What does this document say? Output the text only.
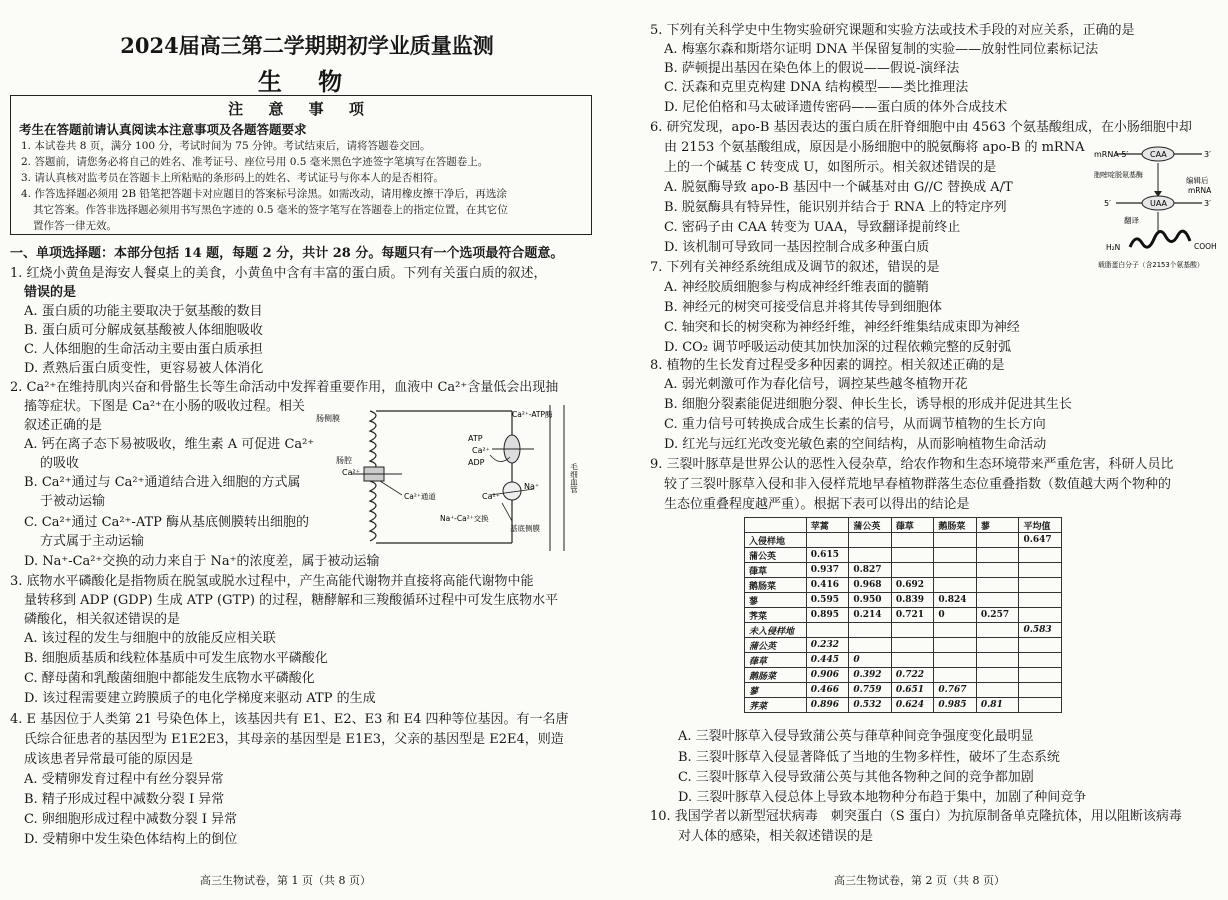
2024届高三第二学期期初学业质量监测
生 物
注 意 事 项
考生在答题前请认真阅读本注意事项及各题答题要求
1. 本试卷共 8 页，满分 100 分，考试时间为 75 分钟。考试结束后，请将答题卷交回。
2. 答题前，请您务必将自己的姓名、准考证号、座位号用 0.5 毫米黑色字迹签字笔填写在答题卷上。
3. 请认真核对监考员在答题卡上所粘贴的条形码上的姓名、考试证号与你本人的是否相符。
4. 作答选择题必须用 2B 铅笔把答题卡对应题目的答案标号涂黑。如需改动，请用橡皮擦干净后，再选涂
其它答案。作答非选择题必须用书写黑色字迹的 0.5 毫米的签字笔写在答题卷上的指定位置，在其它位
置作答一律无效。
一、单项选择题：本部分包括 14 题，每题 2 分，共计 28 分。每题只有一个选项最符合题意。
1. 红烧小黄鱼是海安人餐桌上的美食，小黄鱼中含有丰富的蛋白质。下列有关蛋白质的叙述，
错误的是
A. 蛋白质的功能主要取决于氨基酸的数目
B. 蛋白质可分解成氨基酸被人体细胞吸收
C. 人体细胞的生命活动主要由蛋白质承担
D. 煮熟后蛋白质变性，更容易被人体消化
2. Ca²⁺在维持肌肉兴奋和骨骼生长等生命活动中发挥着重要作用，血液中 Ca²⁺含量低会出现抽
搐等症状。下图是 Ca²⁺在小肠的吸收过程。相关
叙述正确的是
A. 钙在离子态下易被吸收，维生素 A 可促进 Ca²⁺
的吸收
B. Ca²⁺通过与 Ca²⁺通道结合进入细胞的方式属
于被动运输
C. Ca²⁺通过 Ca²⁺-ATP 酶从基底侧膜转出细胞的
方式属于主动运输
D. Na⁺-Ca²⁺交换的动力来自于 Na⁺的浓度差，属于被动运输
3. 底物水平磷酸化是指物质在脱氢或脱水过程中，产生高能代谢物并直接将高能代谢物中能
量转移到 ADP (GDP) 生成 ATP (GTP) 的过程，糖酵解和三羧酸循环过程中可发生底物水平
磷酸化，相关叙述错误的是
A. 该过程的发生与细胞中的放能反应相关联
B. 细胞质基质和线粒体基质中可发生底物水平磷酸化
C. 酵母菌和乳酸菌细胞中都能发生底物水平磷酸化
D. 该过程需要建立跨膜质子的电化学梯度来驱动 ATP 的生成
4. E 基因位于人类第 21 号染色体上，该基因共有 E1、E2、E3 和 E4 四种等位基因。有一名唐
氏综合征患者的基因型为 E1E2E3，其母亲的基因型是 E1E3，父亲的基因型是 E2E4，则造
成该患者异常最可能的原因是
A. 受精卵发育过程中有丝分裂异常
B. 精子形成过程中减数分裂 I 异常
C. 卵细胞形成过程中减数分裂 I 异常
D. 受精卵中发生染色体结构上的倒位
肠侧膜
肠腔
Ca²⁺
Ca²⁺通道
Ca²⁺-ATP酶
ATP
Ca²⁺
ADP
Ca²⁺
Na⁺
Na⁺-Ca²⁺交换
基底侧膜
毛细血管
高三生物试卷，第 1 页（共 8 页）
5. 下列有关科学史中生物实验研究课题和实验方法或技术手段的对应关系，正确的是
A. 梅塞尔森和斯塔尔证明 DNA 半保留复制的实验——放射性同位素标记法
B. 萨顿提出基因在染色体上的假说——假说-演绎法
C. 沃森和克里克构建 DNA 结构模型——类比推理法
D. 尼伦伯格和马太破译遗传密码——蛋白质的体外合成技术
6. 研究发现，apo-B 基因表达的蛋白质在肝脊细胞中由 4563 个氨基酸组成，在小肠细胞中却
由 2153 个氨基酸组成，原因是小肠细胞中的脱氨酶将 apo-B 的 mRNA
上的一个碱基 C 转变成 U，如图所示。相关叙述错误的是
A. 脱氨酶导致 apo-B 基因中一个碱基对由 G//C 替换成 A/T
B. 脱氨酶具有特异性，能识别并结合于 RNA 上的特定序列
C. 密码子由 CAA 转变为 UAA，导致翻译提前终止
D. 该机制可导致同一基因控制合成多种蛋白质
7. 下列有关神经系统组成及调节的叙述，错误的是
A. 神经胶质细胞参与构成神经纤维表面的髓鞘
B. 神经元的树突可接受信息并将其传导到细胞体
C. 轴突和长的树突称为神经纤维，神经纤维集结成束即为神经
D. CO₂ 调节呼吸运动使其加快加深的过程依赖完整的反射弧
8. 植物的生长发育过程受多种因素的调控。相关叙述正确的是
A. 弱光刺激可作为春化信号，调控某些越冬植物开花
B. 细胞分裂素能促进细胞分裂、伸长生长，诱导根的形成并促进其生长
C. 重力信号可转换成合成生长素的信号，从而调节植物的生长方向
D. 红光与远红光改变光敏色素的空间结构，从而影响植物生命活动
9. 三裂叶豚草是世界公认的恶性入侵杂草，给农作物和生态环境带来严重危害，科研人员比
较了三裂叶豚草入侵和非入侵样荒地早春植物群落生态位重叠指数（数值越大两个物种的
生态位重叠程度越严重）。根据下表可以得出的结论是
mRNA 5′	CAA	3′
胞嘧啶脱氨基酶
编辑后
mRNA
5′	UAA	3′
翻译
H₂N	COOH
载脂蛋白分子（含2153个氨基酸）
	苹蒿	蒲公英	葎草	鹅肠菜	蓼	平均值
入侵样地						0.647
蒲公英	0.615					
葎草	0.937	0.827				
鹅肠菜	0.416	0.968	0.692			
蓼	0.595	0.950	0.839	0.824		
荠菜	0.895	0.214	0.721	0	0.257	
未入侵样地						0.583
蒲公英	0.232					
葎草	0.445	0				
鹅肠菜	0.906	0.392	0.722			
蓼	0.466	0.759	0.651	0.767		
荠菜	0.896	0.532	0.624	0.985	0.81	
A. 三裂叶豚草入侵导致蒲公英与葎草种间竞争强度变化最明显
B. 三裂叶豚草入侵显著降低了当地的生物多样性，破坏了生态系统
C. 三裂叶豚草入侵导致蒲公英与其他各物种之间的竞争都加剧
D. 三裂叶豚草入侵总体上导致本地物种分布趋于集中，加剧了种间竞争
10. 我国学者以新型冠状病毒　刺突蛋白（S 蛋白）为抗原制备单克隆抗体，用以阻断该病毒
对人体的感染，相关叙述错误的是
高三生物试卷，第 2 页（共 8 页）
